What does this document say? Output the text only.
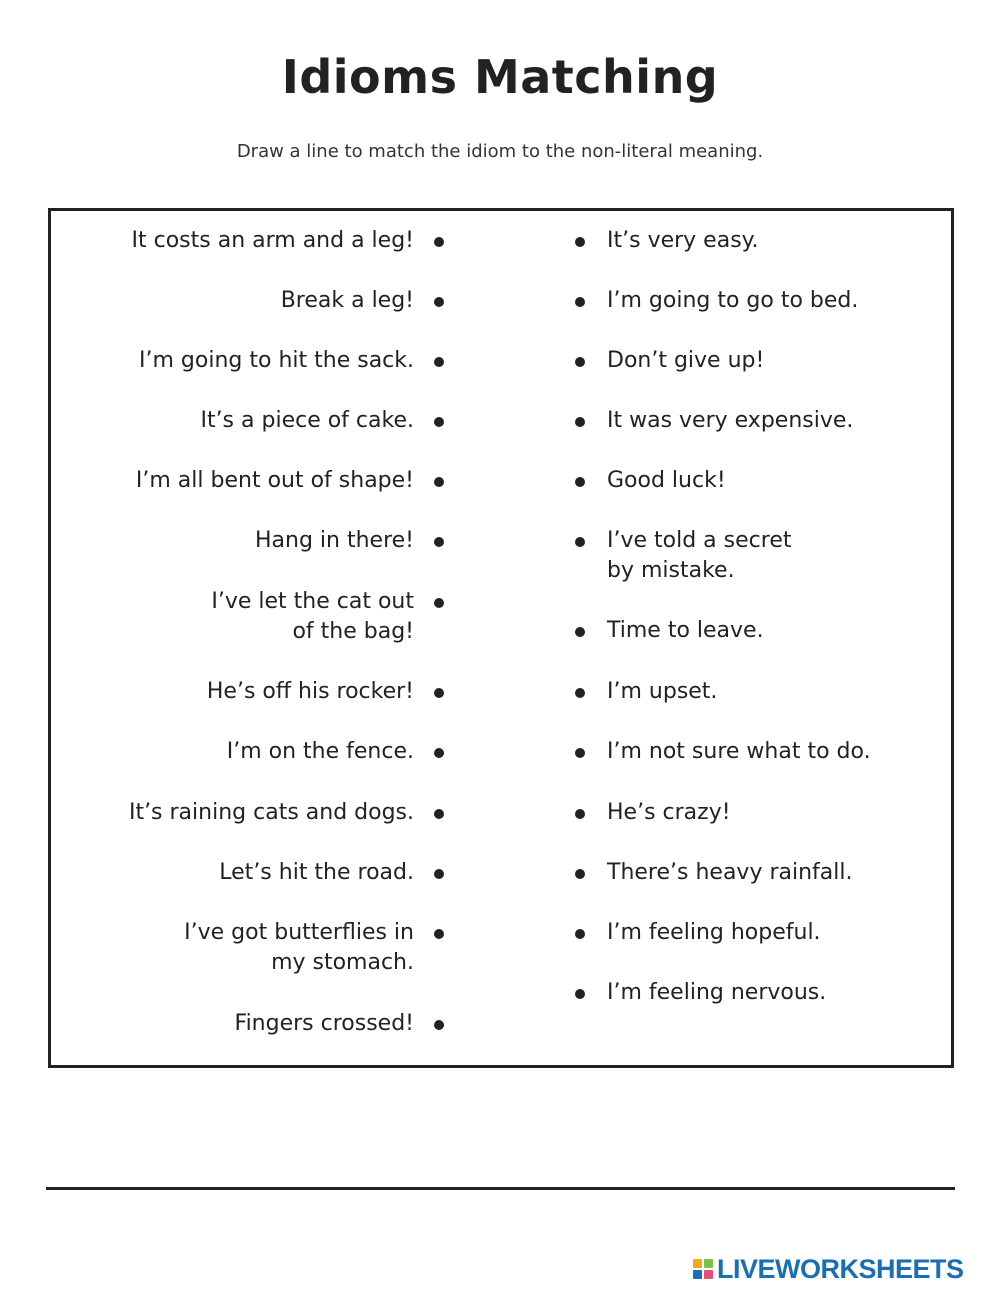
Idioms Matching
Draw a line to match the idiom to the non-literal meaning.
It costs an arm and a leg!
Break a leg!
I’m going to hit the sack.
It’s a piece of cake.
I’m all bent out of shape!
Hang in there!
I’ve let the cat out
of the bag!
He’s off his rocker!
I’m on the fence.
It’s raining cats and dogs.
Let’s hit the road.
I’ve got butterflies in
my stomach.
Fingers crossed!
It’s very easy.
I’m going to go to bed.
Don’t give up!
It was very expensive.
Good luck!
I’ve told a secret
by mistake.
Time to leave.
I’m upset.
I’m not sure what to do.
He’s crazy!
There’s heavy rainfall.
I’m feeling hopeful.
I’m feeling nervous.
LIVEWORKSHEETS
